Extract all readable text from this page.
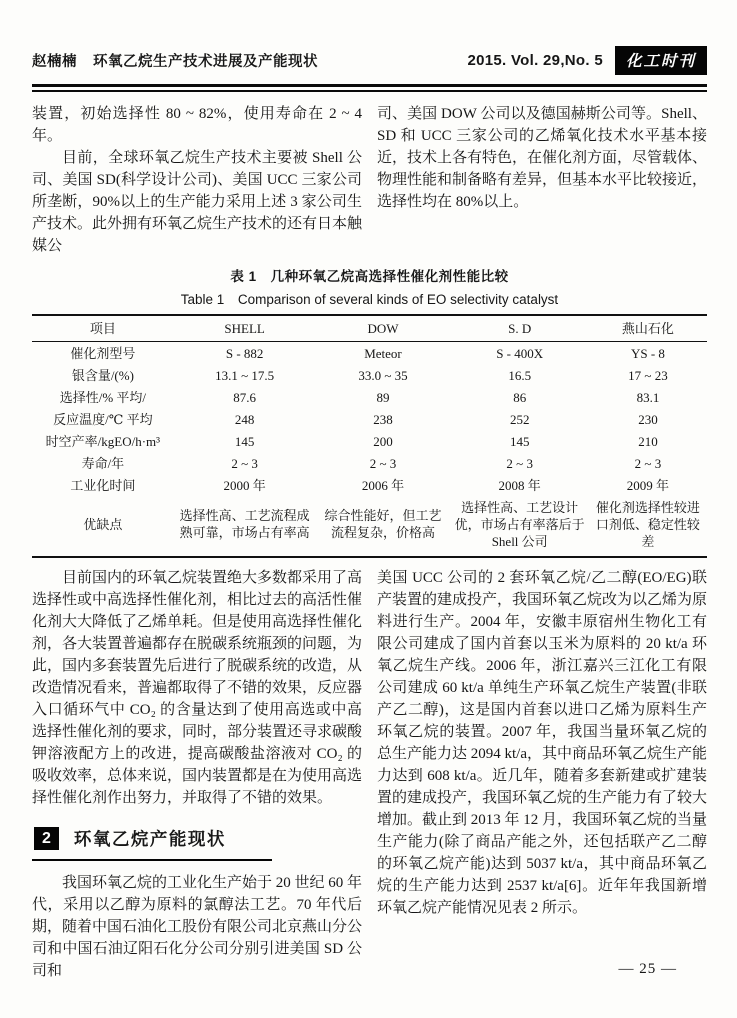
赵楠楠 环氧乙烷生产技术进展及产能现状	2015. Vol. 29,No. 5	化工时刊

装置，初始选择性 80 ~ 82%，使用寿命在 2 ~ 4 年。

目前，全球环氧乙烷生产技术主要被 Shell 公司、美国 SD(科学设计公司)、美国 UCC 三家公司所垄断，90%以上的生产能力采用上述 3 家公司生产技术。此外拥有环氧乙烷生产技术的还有日本触媒公

司、美国 DOW 公司以及德国赫斯公司等。Shell、SD 和 UCC 三家公司的乙烯氧化技术水平基本接近，技术上各有特色，在催化剂方面，尽管载体、物理性能和制备略有差异，但基本水平比较接近，选择性均在 80%以上。

表 1　几种环氧乙烷高选择性催化剂性能比较
Table 1　Comparison of several kinds of EO selectivity catalyst
项目	SHELL	DOW	S. D	燕山石化
催化剂型号	S - 882	Meteor	S - 400X	YS - 8
银含量/(%)	13.1 ~ 17.5	33.0 ~ 35	16.5	17 ~ 23
选择性/% 平均/	87.6	89	86	83.1
反应温度/℃ 平均	248	238	252	230
时空产率/kgEO/h·m³	145	200	145	210
寿命/年	2 ~ 3	2 ~ 3	2 ~ 3	2 ~ 3
工业化时间	2000 年	2006 年	2008 年	2009 年
优缺点	选择性高、工艺流程成熟可靠，市场占有率高	综合性能好，但工艺流程复杂，价格高	选择性高、工艺设计优，市场占有率落后于 Shell 公司	催化剂选择性较进口剂低、稳定性较差

目前国内的环氧乙烷装置绝大多数都采用了高选择性或中高选择性催化剂，相比过去的高活性催化剂大大降低了乙烯单耗。但是使用高选择性催化剂，各大装置普遍都存在脱碳系统瓶颈的问题，为此，国内多套装置先后进行了脱碳系统的改造，从改造情况看来，普遍都取得了不错的效果，反应器入口循环气中 CO₂ 的含量达到了使用高选或中高选择性催化剂的要求，同时，部分装置还寻求碳酸钾溶液配方上的改进，提高碳酸盐溶液对 CO₂ 的吸收效率，总体来说，国内装置都是在为使用高选择性催化剂作出努力，并取得了不错的效果。

2	环氧乙烷产能现状

我国环氧乙烷的工业化生产始于 20 世纪 60 年代，采用以乙醇为原料的氯醇法工艺。70 年代后期，随着中国石油化工股份有限公司北京燕山分公司和中国石油辽阳石化分公司分别引进美国 SD 公司和

美国 UCC 公司的 2 套环氧乙烷/乙二醇(EO/EG)联产装置的建成投产，我国环氧乙烷改为以乙烯为原料进行生产。2004 年，安徽丰原宿州生物化工有限公司建成了国内首套以玉米为原料的 20 kt/a 环氧乙烷生产线。2006 年，浙江嘉兴三江化工有限公司建成 60 kt/a 单纯生产环氧乙烷生产装置(非联产乙二醇)，这是国内首套以进口乙烯为原料生产环氧乙烷的装置。2007 年，我国当量环氧乙烷的总生产能力达 2094 kt/a，其中商品环氧乙烷生产能力达到 608 kt/a。近几年，随着多套新建或扩建装置的建成投产，我国环氧乙烷的生产能力有了较大增加。截止到 2013 年 12 月，我国环氧乙烷的当量生产能力(除了商品产能之外，还包括联产乙二醇的环氧乙烷产能)达到 5037 kt/a，其中商品环氧乙烷的生产能力达到 2537 kt/a[6]。近年年我国新增环氧乙烷产能情况见表 2 所示。

— 25 —
